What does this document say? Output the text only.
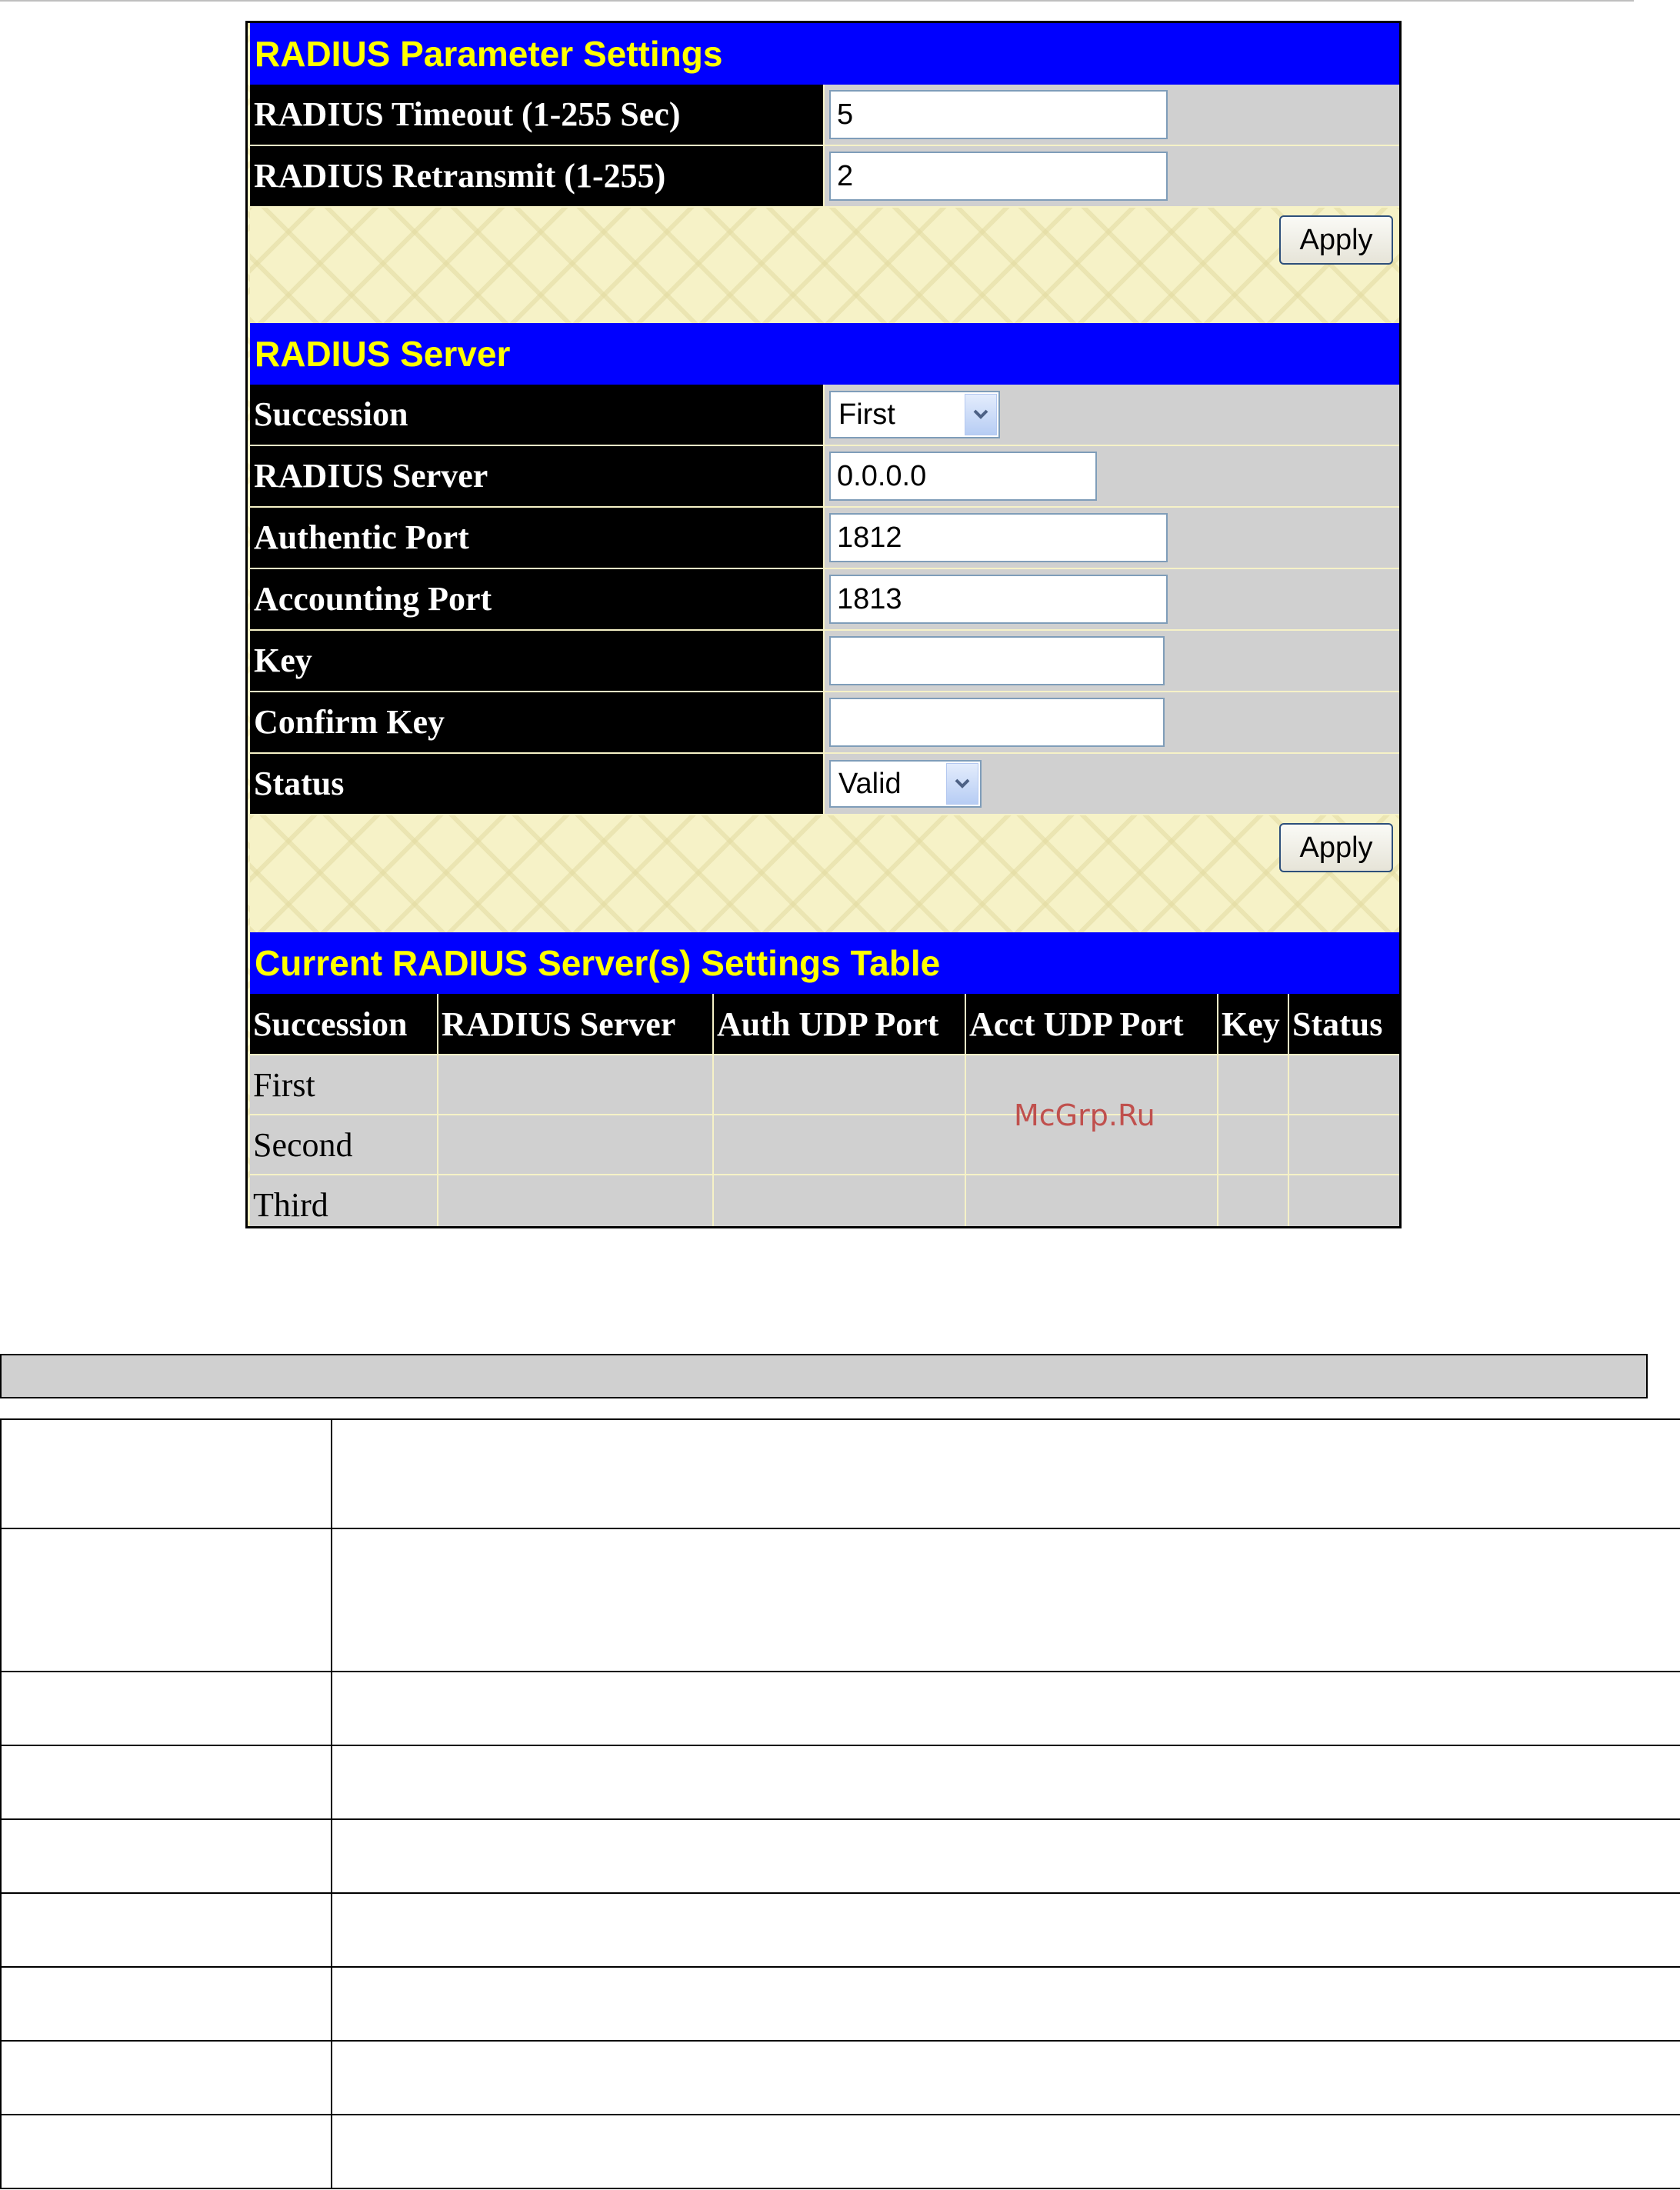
RADIUS Parameter Settings
RADIUS Timeout (1-255 Sec)	5
RADIUS Retransmit (1-255)	2
Apply
RADIUS Server
Succession	First
RADIUS Server	0.0.0.0
Authentic Port	1812
Accounting Port	1813
Key
Confirm Key
Status	Valid
Apply
Current RADIUS Server(s) Settings Table
Succession	RADIUS Server	Auth UDP Port	Acct UDP Port	Key	Status
First					
Second					
Third					
McGrp.Ru
